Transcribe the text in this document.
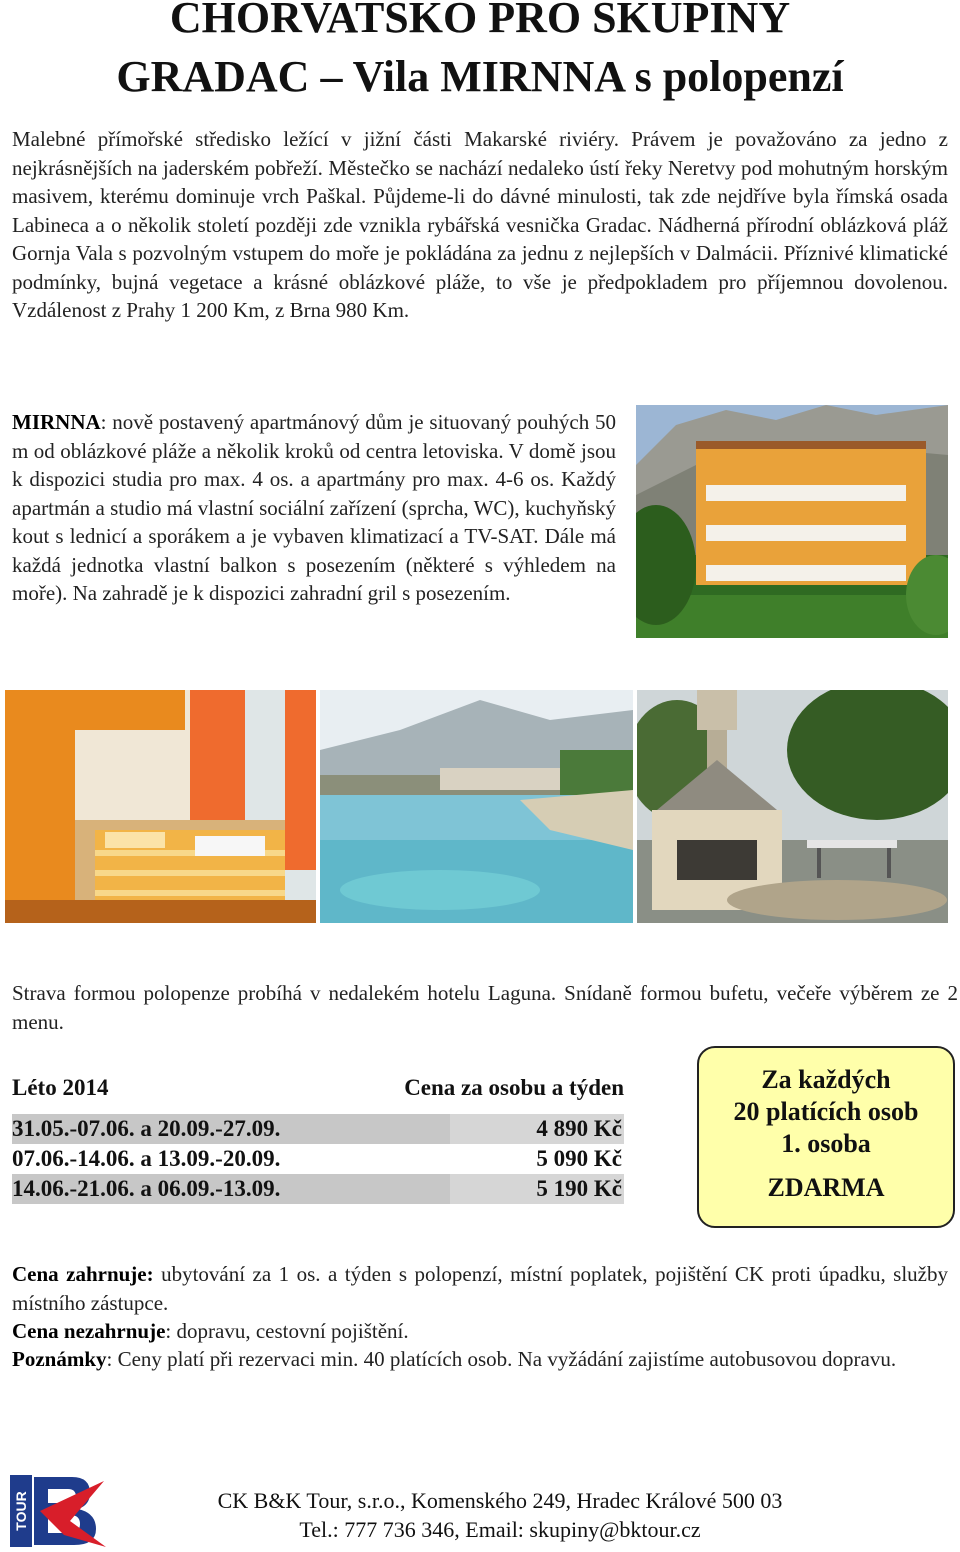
CHORVATSKO PRO SKUPINY
GRADAC – Vila MIRNNA s polopenzí
Malebné přímořské středisko ležící v jižní části Makarské riviéry. Právem je považováno za jedno z nejkrásnějších na jaderském pobřeží. Městečko se nachází nedaleko ústí řeky Neretvy pod mohutným horským masivem, kterému dominuje vrch Paškal. Půjdeme-li do dávné minulosti, tak zde nejdříve byla římská osada Labineca a o několik století později zde vznikla rybářská vesnička Gradac. Nádherná přírodní oblázková pláž Gornja Vala s pozvolným vstupem do moře je pokládána za jednu z nejlepších v Dalmácii. Příznivé klimatické podmínky, bujná vegetace a krásné oblázkové pláže, to vše je předpokladem pro příjemnou dovolenou. Vzdálenost z Prahy 1 200 Km, z Brna 980 Km.
MIRNNA: nově postavený apartmánový dům je situovaný pouhých 50 m od oblázkové pláže a několik kroků od centra letoviska. V domě jsou k dispozici studia pro max. 4 os. a apartmány pro max. 4-6 os. Každý apartmán a studio má vlastní sociální zařízení (sprcha, WC), kuchyňský kout s lednicí a sporákem a je vybaven klimatizací a TV-SAT. Dále má každá jednotka vlastní balkon s posezením (některé s výhledem na moře). Na zahradě je k dispozici zahradní gril s posezením.
Strava formou polopenze probíhá v nedalekém hotelu Laguna. Snídaně formou bufetu, večeře výběrem ze 2 menu.
Léto 2014	Cena za osobu a týden
31.05.-07.06. a 20.09.-27.09.	4 890 Kč
07.06.-14.06. a 13.09.-20.09.	5 090 Kč
14.06.-21.06. a 06.09.-13.09.	5 190 Kč
Za každých
20 platících osob
1. osoba
ZDARMA
Cena zahrnuje: ubytování za 1 os. a týden s polopenzí, místní poplatek, pojištění CK proti úpadku, služby místního zástupce.
Cena nezahrnuje: dopravu, cestovní pojištění.
Poznámky: Ceny platí při rezervaci min. 40 platících osob. Na vyžádání zajistíme autobusovou dopravu.
TOUR	CK B&K Tour, s.r.o., Komenského 249, Hradec Králové 500 03
Tel.: 777 736 346, Email: skupiny@bktour.cz
